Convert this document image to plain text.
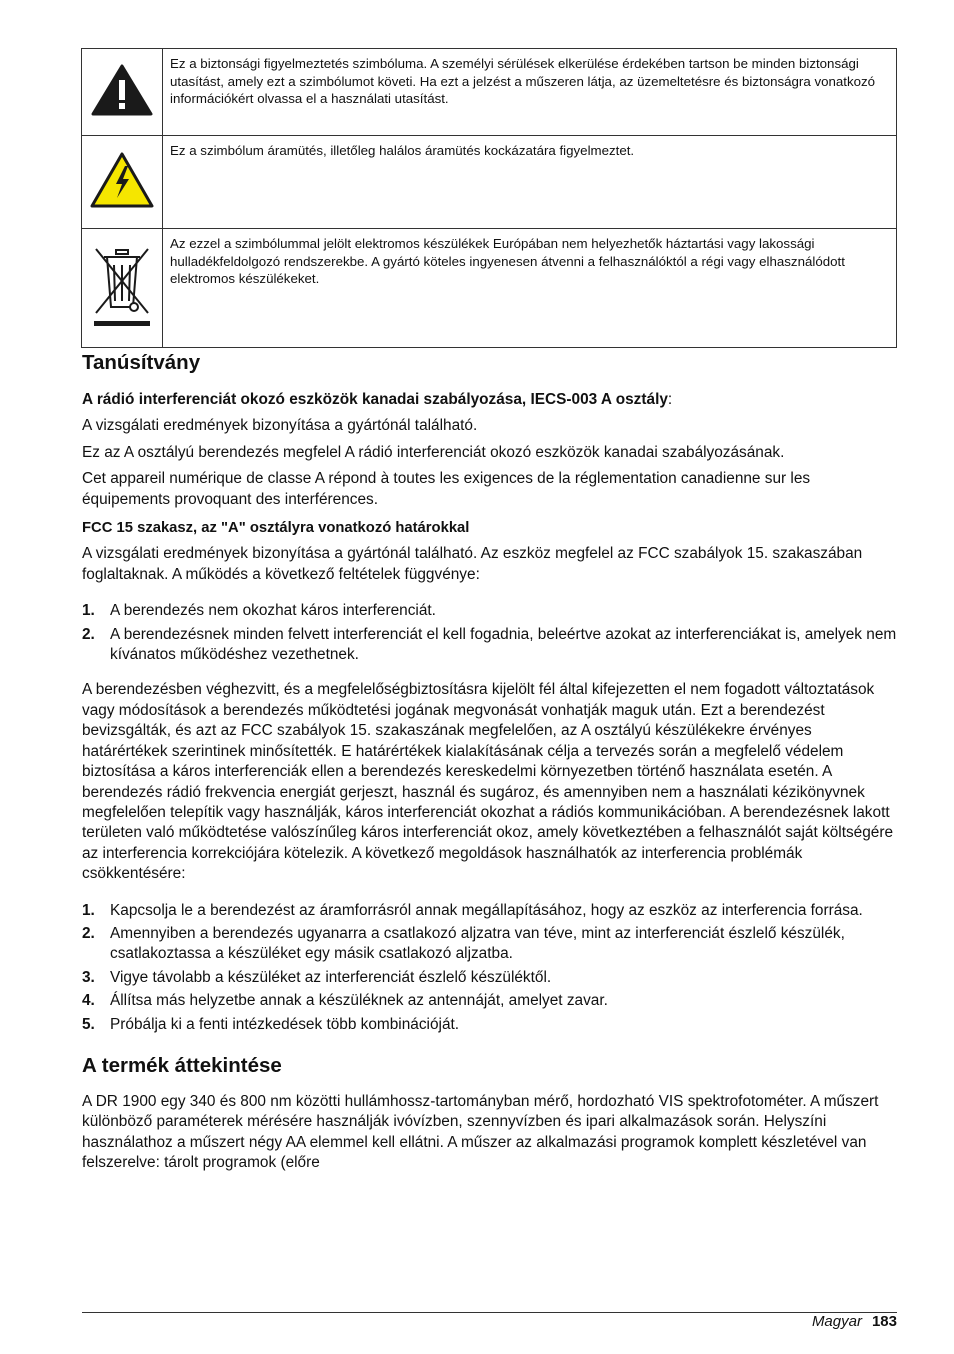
	Ez a biztonsági figyelmeztetés szimbóluma. A személyi sérülések elkerülése érdekében tartson be minden biztonsági utasítást, amely ezt a szimbólumot követi. Ha ezt a jelzést a műszeren látja, az üzemeltetésre és biztonságra vonatkozó információkért olvassa el a használati utasítást.
	Ez a szimbólum áramütés, illetőleg halálos áramütés kockázatára figyelmeztet.
	Az ezzel a szimbólummal jelölt elektromos készülékek Európában nem helyezhetők háztartási vagy lakossági hulladékfeldolgozó rendszerekbe. A gyártó köteles ingyenesen átvenni a felhasználóktól a régi vagy elhasználódott elektromos készülékeket.
Tanúsítvány

A rádió interferenciát okozó eszközök kanadai szabályozása, IECS-003 A osztály:

A vizsgálati eredmények bizonyítása a gyártónál található.

Ez az A osztályú berendezés megfelel A rádió interferenciát okozó eszközök kanadai szabályozásának.

Cet appareil numérique de classe A répond à toutes les exigences de la réglementation canadienne sur les équipements provoquant des interférences.

FCC 15 szakasz, az "A" osztályra vonatkozó határokkal

A vizsgálati eredmények bizonyítása a gyártónál található. Az eszköz megfelel az FCC szabályok 15. szakaszában foglaltaknak. A működés a következő feltételek függvénye:

1. A berendezés nem okozhat káros interferenciát.
2. A berendezésnek minden felvett interferenciát el kell fogadnia, beleértve azokat az interferenciákat is, amelyek nem kívánatos működéshez vezethetnek.

A berendezésben véghezvitt, és a megfelelőségbiztosításra kijelölt fél által kifejezetten el nem fogadott változtatások vagy módosítások a berendezés működtetési jogának megvonását vonhatják maguk után. Ezt a berendezést bevizsgálták, és azt az FCC szabályok 15. szakaszának megfelelően, az A osztályú készülékekre érvényes határértékek szerintinek minősítették. E határértékek kialakításának célja a tervezés során a megfelelő védelem biztosítása a káros interferenciák ellen a berendezés kereskedelmi környezetben történő használata esetén. A berendezés rádió frekvencia energiát gerjeszt, használ és sugároz, és amennyiben nem a használati kézikönyvnek megfelelően telepítik vagy használják, káros interferenciát okozhat a rádiós kommunikációban. A berendezésnek lakott területen való működtetése valószínűleg káros interferenciát okoz, amely következtében a felhasználót saját költségére az interferencia korrekciójára kötelezik. A következő megoldások használhatók az interferencia problémák csökkentésére:

1. Kapcsolja le a berendezést az áramforrásról annak megállapításához, hogy az eszköz az interferencia forrása.
2. Amennyiben a berendezés ugyanarra a csatlakozó aljzatra van téve, mint az interferenciát észlelő készülék, csatlakoztassa a készüléket egy másik csatlakozó aljzatba.
3. Vigye távolabb a készüléket az interferenciát észlelő készüléktől.
4. Állítsa más helyzetbe annak a készüléknek az antennáját, amelyet zavar.
5. Próbálja ki a fenti intézkedések több kombinációját.
A termék áttekintése

A DR 1900 egy 340 és 800 nm közötti hullámhossz-tartományban mérő, hordozható VIS spektrofotométer. A műszert különböző paraméterek mérésére használják ivóvízben, szennyvízben és ipari alkalmazások során. Helyszíni használathoz a műszert négy AA elemmel kell ellátni. A műszer az alkalmazási programok komplett készletével van felszerelve: tárolt programok (előre

Magyar 183
